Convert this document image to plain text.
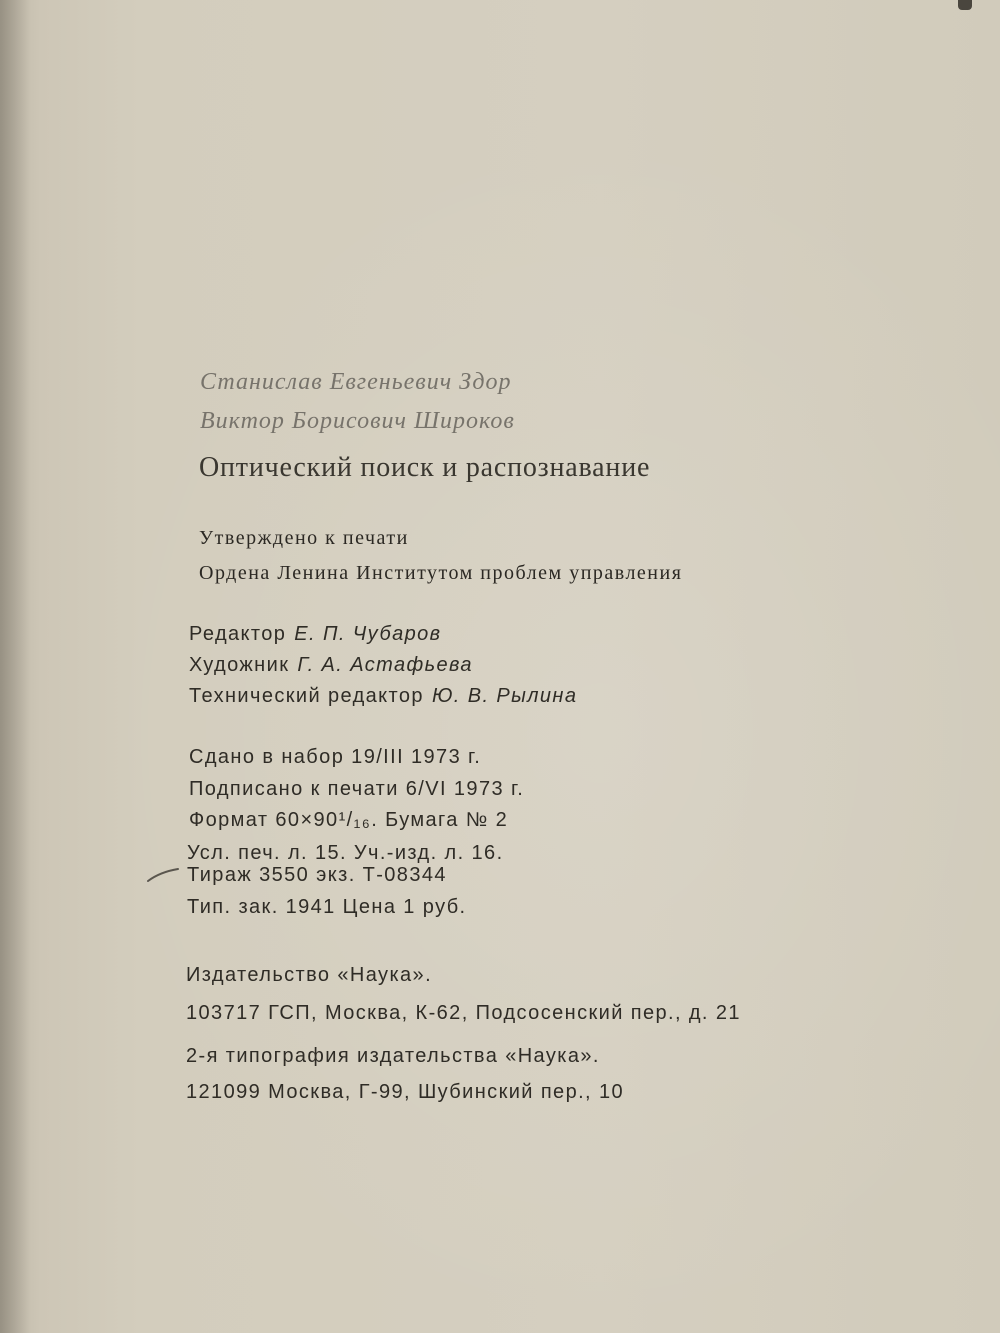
Станислав Евгеньевич Здор
Виктор Борисович Широков
Оптический поиск и распознавание
Утверждено к печати
Ордена Ленина Институтом проблем управления
Редактор Е. П. Чубаров
Художник Г. А. Астафьева
Технический редактор Ю. В. Рылина
Сдано в набор 19/III 1973 г.
Подписано к печати 6/VI 1973 г.
Формат 60×90¹/₁₆. Бумага № 2
Усл. печ. л. 15. Уч.-изд. л. 16.
Тираж 3550 экз. Т-08344
Тип. зак. 1941 Цена 1 руб.
Издательство «Наука».
103717 ГСП, Москва, К-62, Подсосенский пер., д. 21
2-я типография издательства «Наука».
121099 Москва, Г-99, Шубинский пер., 10
